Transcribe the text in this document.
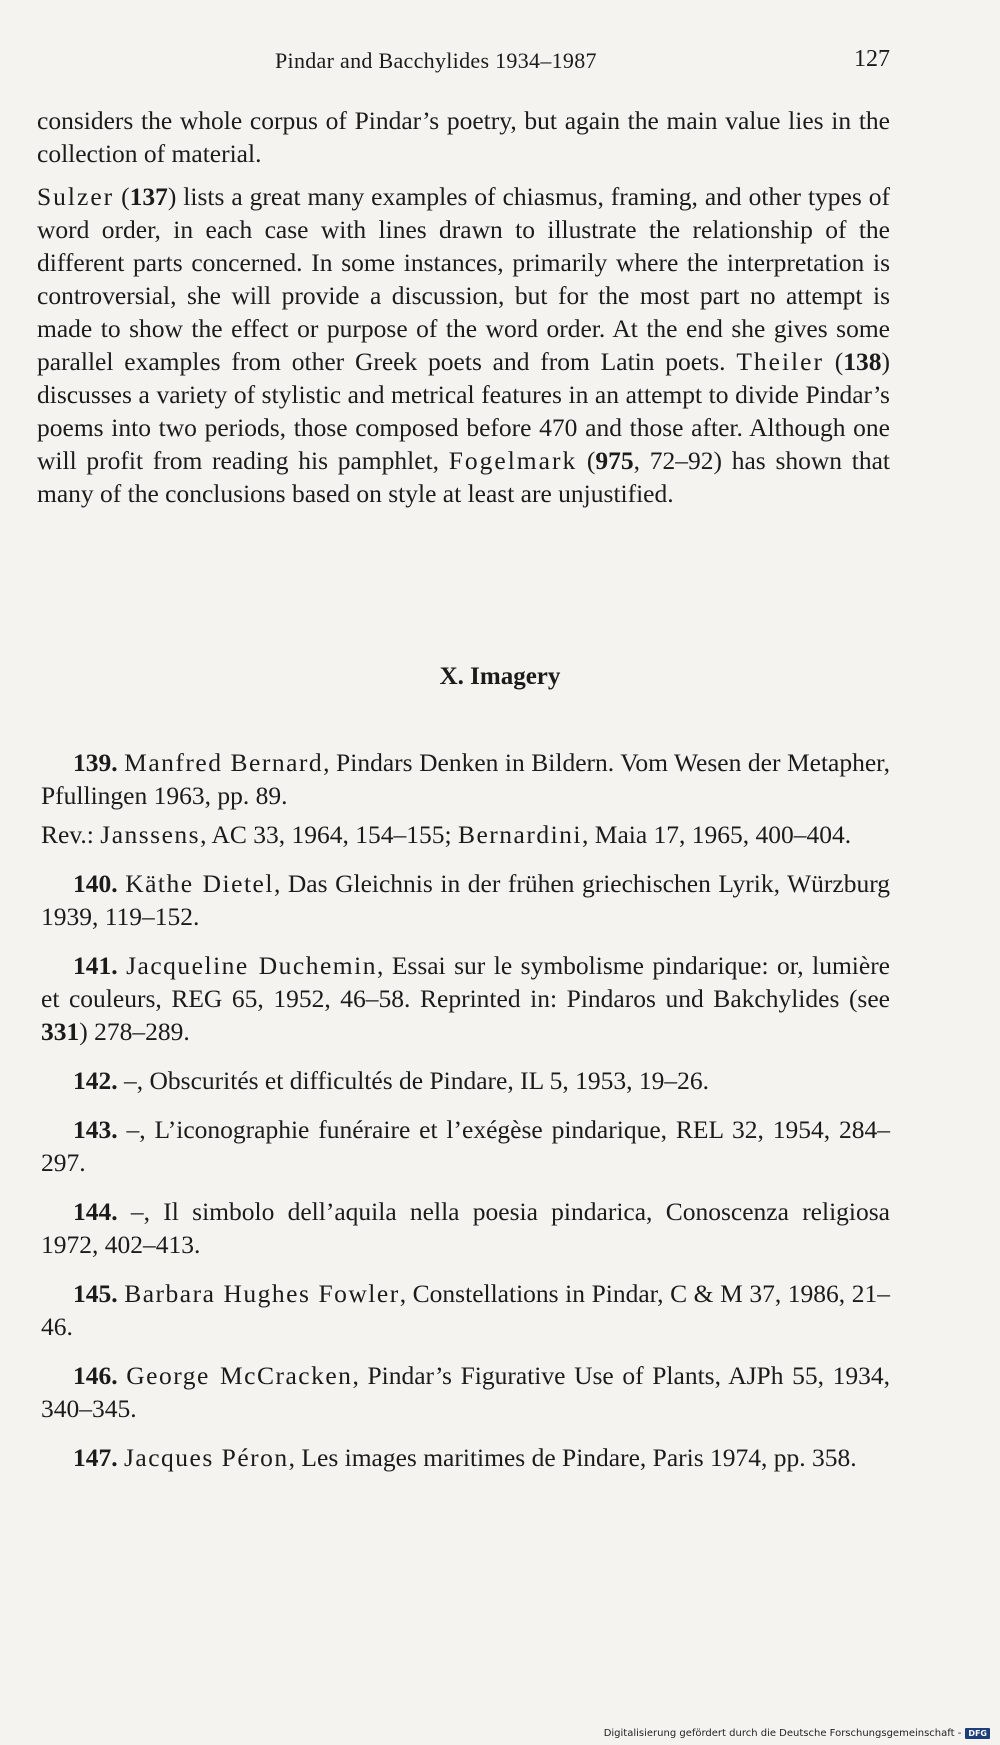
Pindar and Bacchylides 1934–1987	127

considers the whole corpus of Pindar’s poetry, but again the main value lies in the collection of material.

Sulzer (137) lists a great many examples of chiasmus, framing, and other types of word order, in each case with lines drawn to illustrate the relationship of the different parts concerned. In some instances, primarily where the interpretation is controversial, she will provide a discussion, but for the most part no attempt is made to show the effect or purpose of the word order. At the end she gives some parallel examples from other Greek poets and from Latin poets. Theiler (138) discusses a variety of stylistic and metrical features in an attempt to divide Pindar’s poems into two periods, those composed before 470 and those after. Although one will profit from reading his pamphlet, Fogelmark (975, 72–92) has shown that many of the conclusions based on style at least are unjustified.

X. Imagery

139. Manfred Bernard, Pindars Denken in Bildern. Vom Wesen der Metapher, Pfullingen 1963, pp. 89.

Rev.: Janssens, AC 33, 1964, 154–155; Bernardini, Maia 17, 1965, 400–404.

140. Käthe Dietel, Das Gleichnis in der frühen griechischen Lyrik, Würzburg 1939, 119–152.

141. Jacqueline Duchemin, Essai sur le symbolisme pindarique: or, lumière et couleurs, REG 65, 1952, 46–58. Reprinted in: Pindaros und Bakchylides (see 331) 278–289.

142. –, Obscurités et difficultés de Pindare, IL 5, 1953, 19–26.

143. –, L’iconographie funéraire et l’exégèse pindarique, REL 32, 1954, 284–297.

144. –, Il simbolo dell’aquila nella poesia pindarica, Conoscenza religiosa 1972, 402–413.

145. Barbara Hughes Fowler, Constellations in Pindar, C & M 37, 1986, 21–46.

146. George McCracken, Pindar’s Figurative Use of Plants, AJPh 55, 1934, 340–345.

147. Jacques Péron, Les images maritimes de Pindare, Paris 1974, pp. 358.

Digitalisierung gefördert durch die Deutsche Forschungsgemeinschaft - DFG
